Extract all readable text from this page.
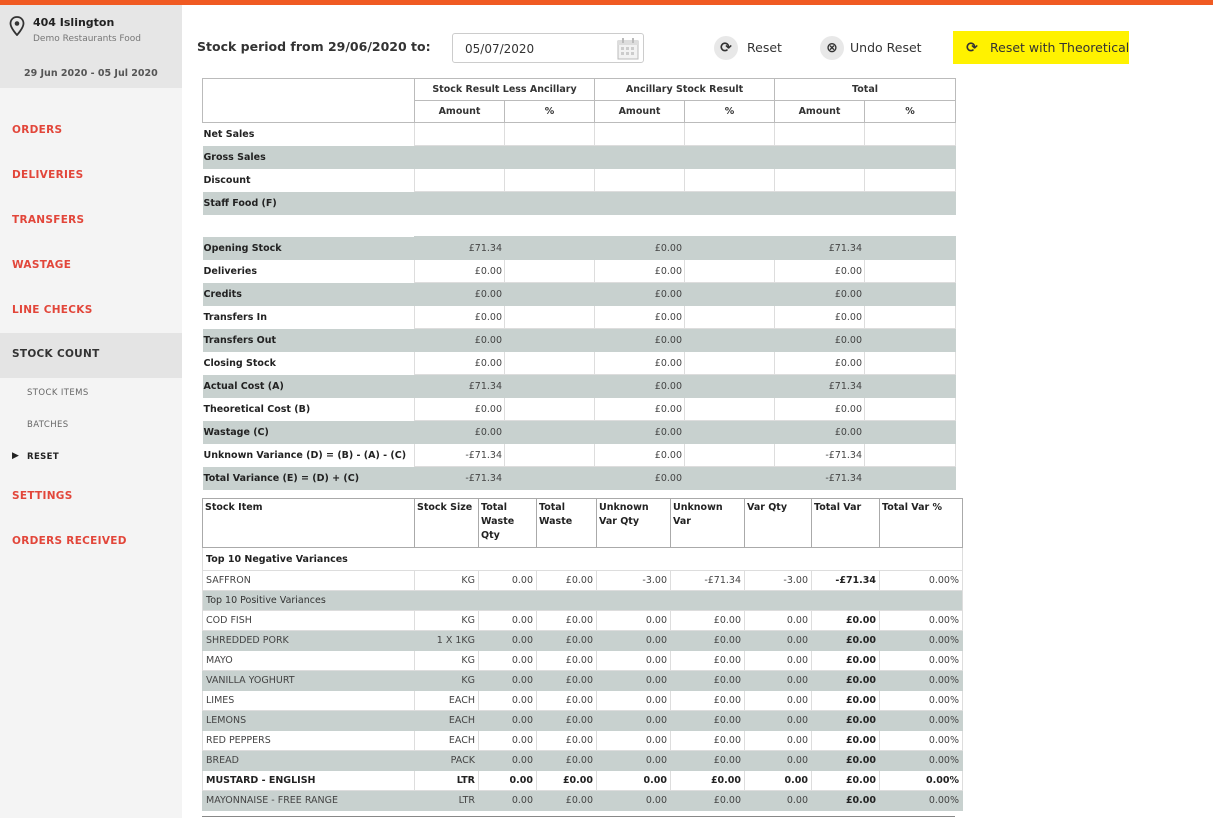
404 Islington
Demo Restaurants Food
29 Jun 2020 - 05 Jul 2020
ORDERS
DELIVERIES
TRANSFERS
WASTAGE
LINE CHECKS
STOCK COUNT
STOCK ITEMS
BATCHES
▶ RESET
SETTINGS
ORDERS RECEIVED
Stock period from 29/06/2020 to:	05/07/2020	⟳	Reset	⊗ Undo Reset	⟳ Reset with Theoretical
	Stock Result Less Ancillary		Ancillary Stock Result		Total	
	Amount	%	Amount	%	Amount	%
Net Sales						
Gross Sales						
Discount						
Staff Food (F)						

Opening Stock	£71.34		£0.00		£71.34	
Deliveries	£0.00		£0.00		£0.00	
Credits	£0.00		£0.00		£0.00	
Transfers In	£0.00		£0.00		£0.00	
Transfers Out	£0.00		£0.00		£0.00	
Closing Stock	£0.00		£0.00		£0.00	
Actual Cost (A)	£71.34		£0.00		£71.34	
Theoretical Cost (B)	£0.00		£0.00		£0.00	
Wastage (C)	£0.00		£0.00		£0.00	
Unknown Variance (D) = (B) - (A) - (C)	-£71.34		£0.00		-£71.34	
Total Variance (E) = (D) + (C)	-£71.34		£0.00		-£71.34	
Stock Item	Stock Size	Total Waste Qty	Total Waste	Unknown Var Qty	Unknown Var	Var Qty	Total Var	Total Var %
Top 10 Negative Variances								
SAFFRON	KG	0.00	£0.00	-3.00	-£71.34	-3.00	-£71.34	0.00%
Top 10 Positive Variances								
COD FISH	KG	0.00	£0.00	0.00	£0.00	0.00	£0.00	0.00%
SHREDDED PORK	1 X 1KG	0.00	£0.00	0.00	£0.00	0.00	£0.00	0.00%
MAYO	KG	0.00	£0.00	0.00	£0.00	0.00	£0.00	0.00%
VANILLA YOGHURT	KG	0.00	£0.00	0.00	£0.00	0.00	£0.00	0.00%
LIMES	EACH	0.00	£0.00	0.00	£0.00	0.00	£0.00	0.00%
LEMONS	EACH	0.00	£0.00	0.00	£0.00	0.00	£0.00	0.00%
RED PEPPERS	EACH	0.00	£0.00	0.00	£0.00	0.00	£0.00	0.00%
BREAD	PACK	0.00	£0.00	0.00	£0.00	0.00	£0.00	0.00%
MUSTARD - ENGLISH	LTR	0.00	£0.00	0.00	£0.00	0.00	£0.00	0.00%
MAYONNAISE - FREE RANGE	LTR	0.00	£0.00	0.00	£0.00	0.00	£0.00	0.00%
